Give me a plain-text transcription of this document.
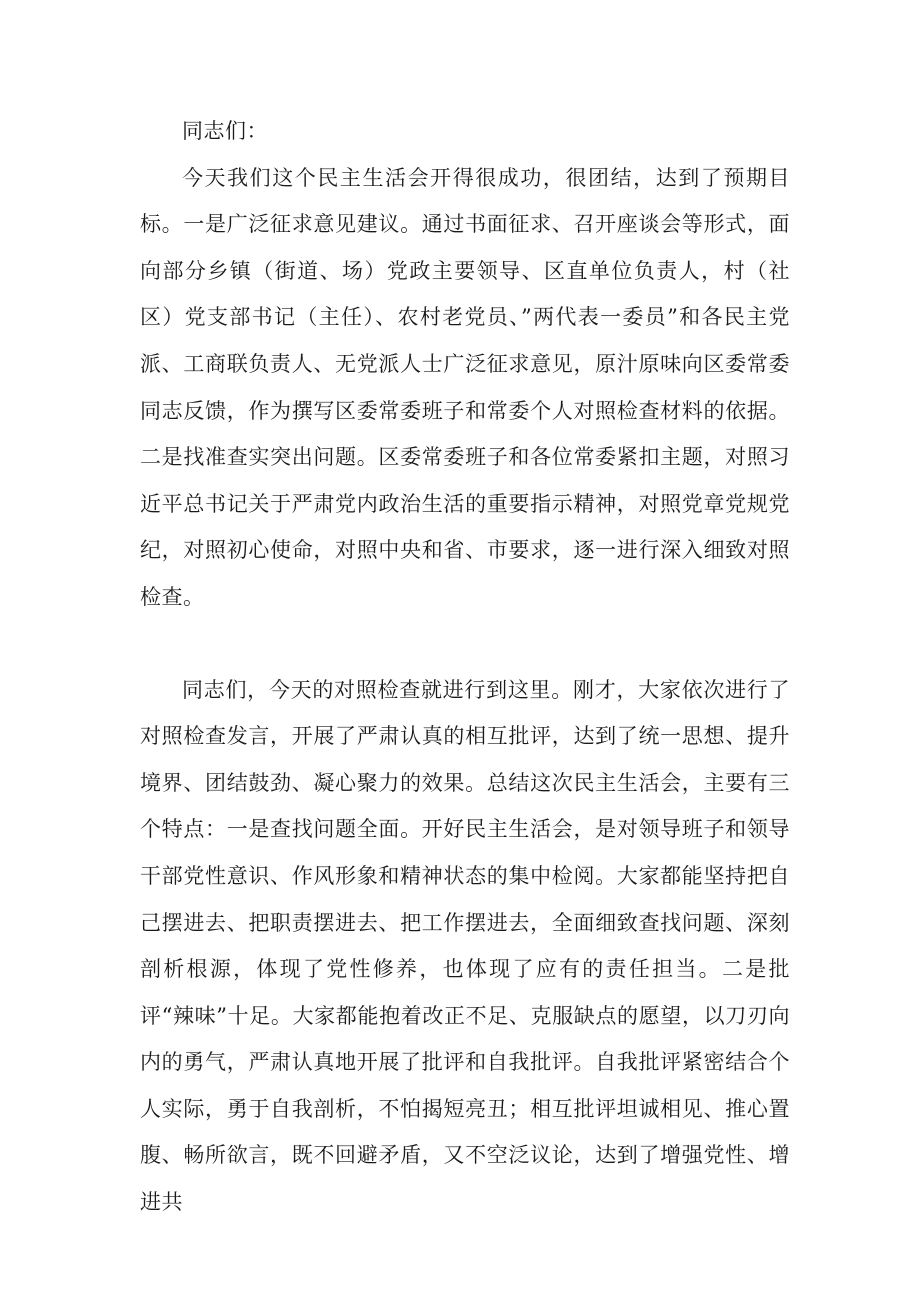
同志们：

今天我们这个民主生活会开得很成功，很团结，达到了预期目标。一是广泛征求意见建议。通过书面征求、召开座谈会等形式，面向部分乡镇（街道、场）党政主要领导、区直单位负责人，村（社区）党支部书记（主任）、农村老党员、”两代表一委员”和各民主党派、工商联负责人、无党派人士广泛征求意见，原汁原味向区委常委同志反馈，作为撰写区委常委班子和常委个人对照检查材料的依据。二是找准查实突出问题。区委常委班子和各位常委紧扣主题，对照习近平总书记关于严肃党内政治生活的重要指示精神，对照党章党规党纪，对照初心使命，对照中央和省、市要求，逐一进行深入细致对照检查。

同志们，今天的对照检查就进行到这里。刚才，大家依次进行了对照检查发言，开展了严肃认真的相互批评，达到了统一思想、提升境界、团结鼓劲、凝心聚力的效果。总结这次民主生活会，主要有三个特点：一是查找问题全面。开好民主生活会，是对领导班子和领导干部党性意识、作风形象和精神状态的集中检阅。大家都能坚持把自己摆进去、把职责摆进去、把工作摆进去，全面细致查找问题、深刻剖析根源，体现了党性修养，也体现了应有的责任担当。二是批评“辣味”十足。大家都能抱着改正不足、克服缺点的愿望，以刀刃向内的勇气，严肃认真地开展了批评和自我批评。自我批评紧密结合个人实际，勇于自我剖析，不怕揭短亮丑；相互批评坦诚相见、推心置腹、畅所欲言，既不回避矛盾，又不空泛议论，达到了增强党性、增进共
